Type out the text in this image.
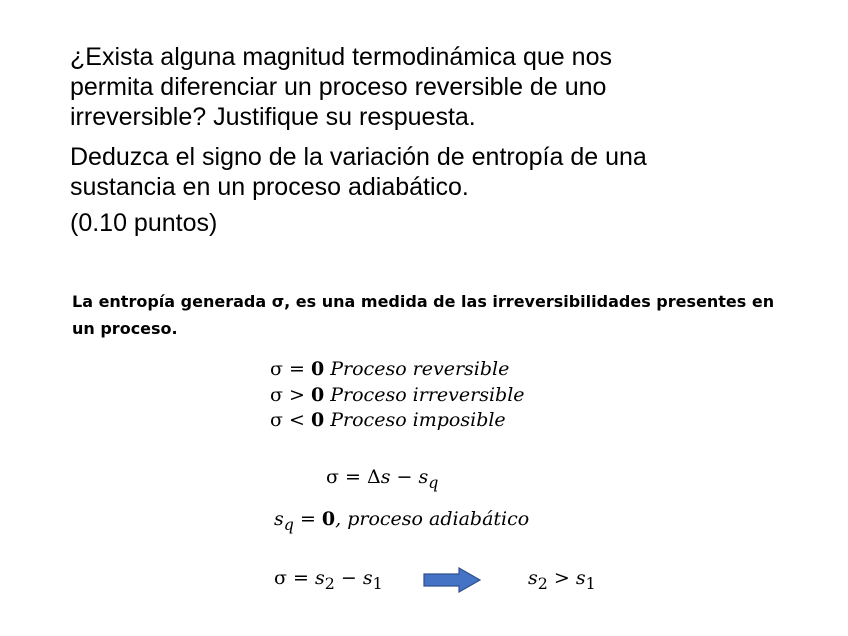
¿Exista alguna magnitud termodinámica que nos
permita diferenciar un proceso reversible de uno
irreversible? Justifique su respuesta.

Deduzca el signo de la variación de entropía de una
sustancia en un proceso adiabático.

(0.10 puntos)

La entropía generada σ, es una medida de las irreversibilidades presentes en

un proceso.

σ = 0 Proceso reversible
σ > 0 Proceso irreversible
σ < 0 Proceso imposible
$\sigma = \Delta s - s_q$
$s_q = 0$, proceso adiabático
$\sigma = s_2 - s_1$	$s_2 > s_1$
